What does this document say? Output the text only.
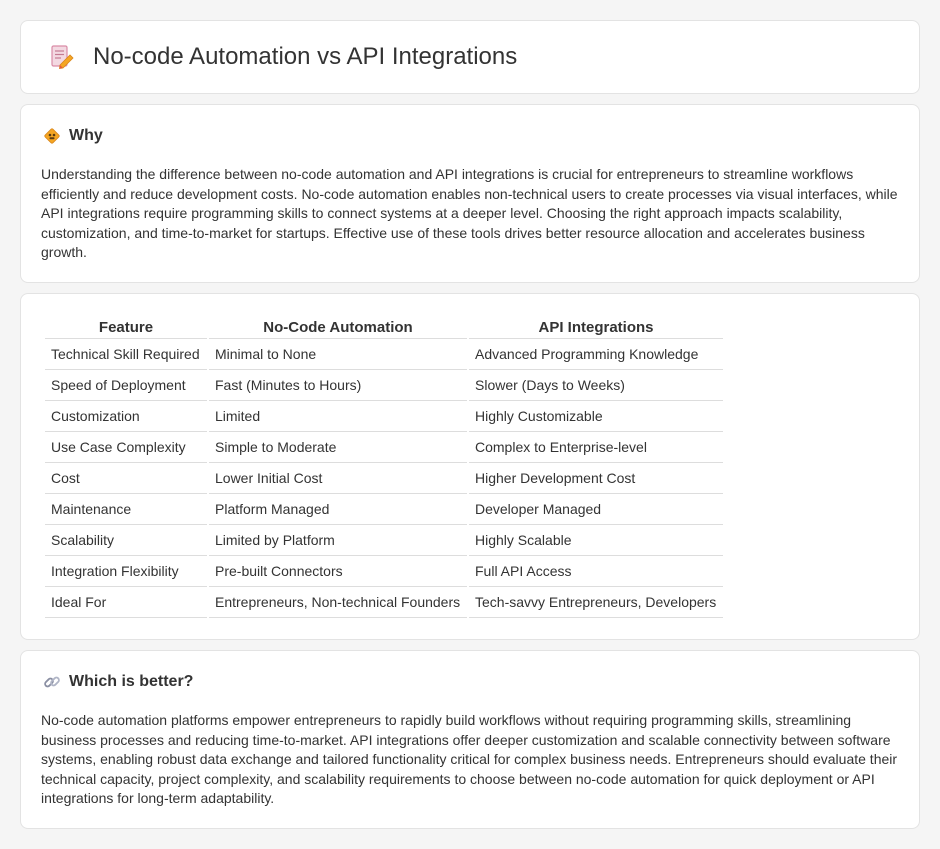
No-code Automation vs API Integrations
Why

Understanding the difference between no-code automation and API integrations is crucial for entrepreneurs to streamline workflows efficiently and reduce development costs. No-code automation enables non-technical users to create processes via visual interfaces, while API integrations require programming skills to connect systems at a deeper level. Choosing the right approach impacts scalability, customization, and time-to-market for startups. Effective use of these tools drives better resource allocation and accelerates business growth.

Feature	No-Code Automation	API Integrations
Technical Skill Required	Minimal to None	Advanced Programming Knowledge
Speed of Deployment	Fast (Minutes to Hours)	Slower (Days to Weeks)
Customization	Limited	Highly Customizable
Use Case Complexity	Simple to Moderate	Complex to Enterprise-level
Cost	Lower Initial Cost	Higher Development Cost
Maintenance	Platform Managed	Developer Managed
Scalability	Limited by Platform	Highly Scalable
Integration Flexibility	Pre-built Connectors	Full API Access
Ideal For	Entrepreneurs, Non-technical Founders	Tech-savvy Entrepreneurs, Developers
Which is better?

No-code automation platforms empower entrepreneurs to rapidly build workflows without requiring programming skills, streamlining business processes and reducing time-to-market. API integrations offer deeper customization and scalable connectivity between software systems, enabling robust data exchange and tailored functionality critical for complex business needs. Entrepreneurs should evaluate their technical capacity, project complexity, and scalability requirements to choose between no-code automation for quick deployment or API integrations for long-term adaptability.
